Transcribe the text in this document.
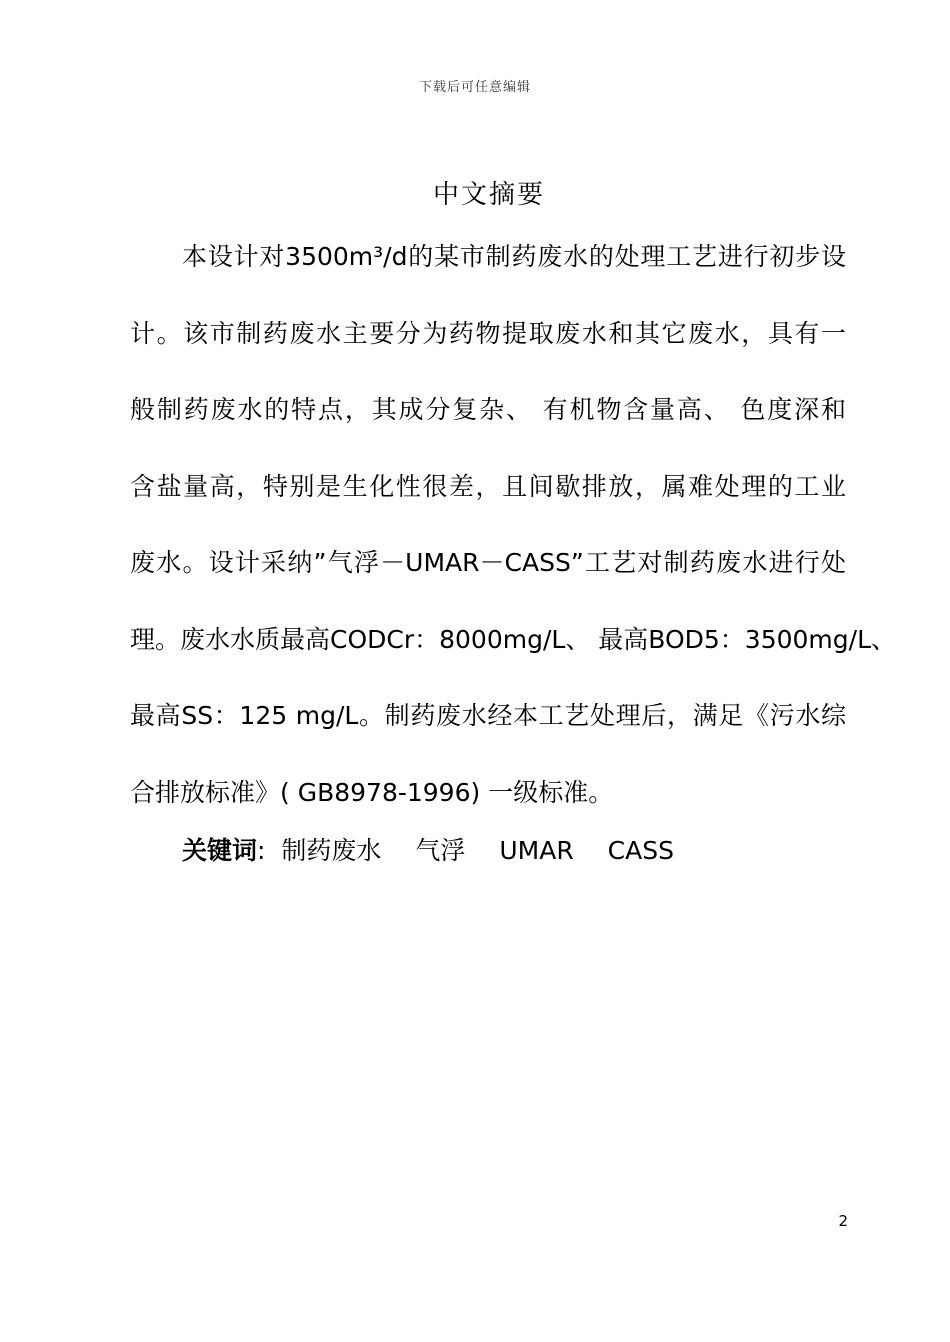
下载后可任意编辑
中文摘要
本设计对3500m³/d的某市制药废水的处理工艺进行初步设
计。该市制药废水主要分为药物提取废水和其它废水，具有一
般制药废水的特点，其成分复杂、 有机物含量高、 色度深和
含盐量高，特别是生化性很差，且间歇排放，属难处理的工业
废水。设计采纳”气浮－UMAR－CASS”工艺对制药废水进行处
理。废水水质最高CODCr：8000mg/L、 最高BOD5：3500mg/L、
最高SS：125 mg/L。制药废水经本工艺处理后，满足《污水综
合排放标准》( GB8978-1996) 一级标准。
关键词: 制药废水 气浮 UMAR CASS
2
